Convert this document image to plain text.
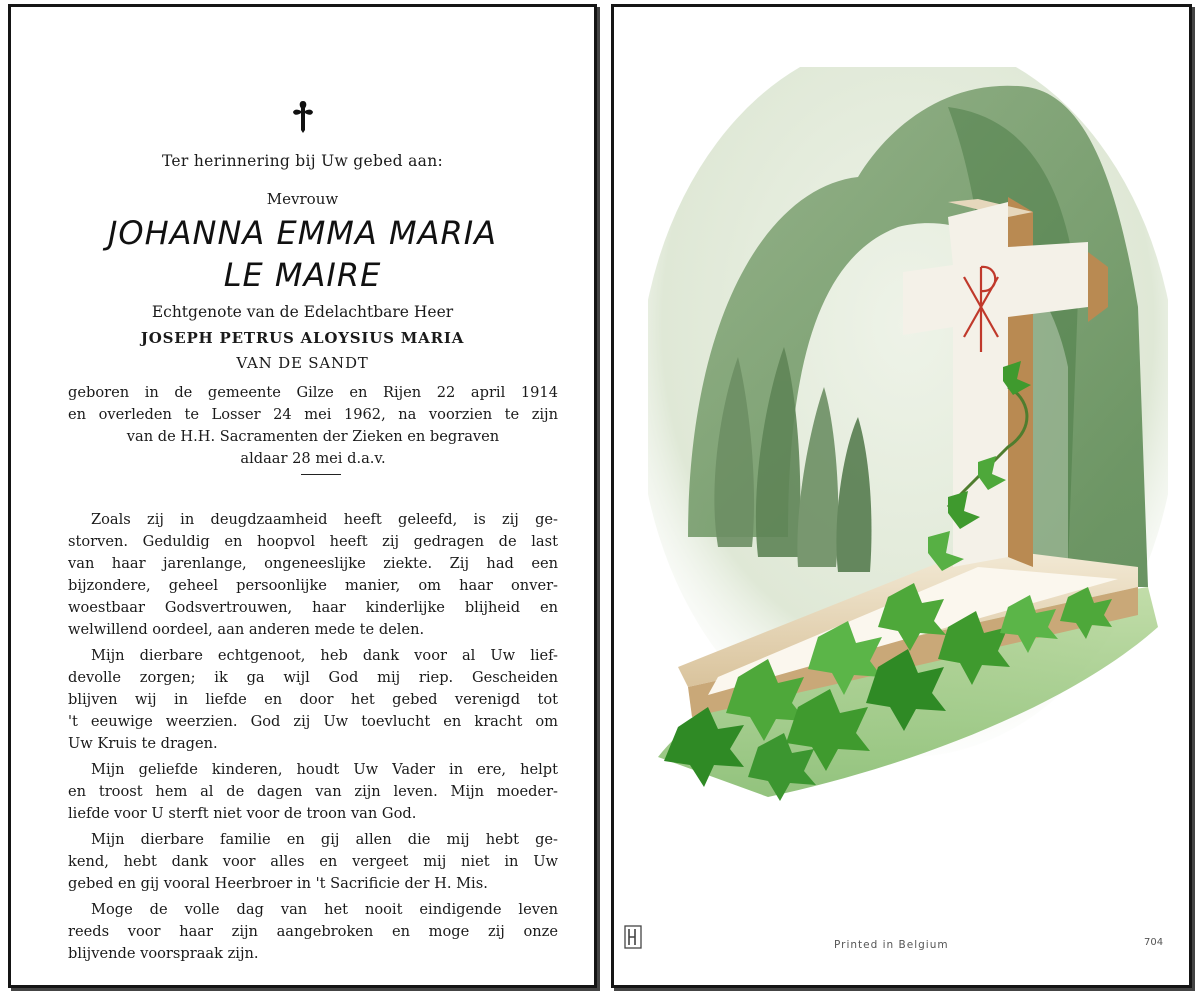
Ter herinnering bij Uw gebed aan:
Mevrouw
JOHANNA EMMA MARIA
LE MAIRE
Echtgenote van de Edelachtbare Heer
JOSEPH PETRUS ALOYSIUS MARIA
VAN DE SANDT
geboren in de gemeente Gilze en Rijen 22 april 1914
en overleden te Losser 24 mei 1962, na voorzien te zijn
van de H.H. Sacramenten der Zieken en begraven
aldaar 28 mei d.a.v.
Zoals zij in deugdzaamheid heeft geleefd, is zij ge-
storven. Geduldig en hoopvol heeft zij gedragen de last
van haar jarenlange, ongeneeslijke ziekte. Zij had een
bijzondere, geheel persoonlijke manier, om haar onver-
woestbaar Godsvertrouwen, haar kinderlijke blijheid en
welwillend oordeel, aan anderen mede te delen.
Mijn dierbare echtgenoot, heb dank voor al Uw lief-
devolle zorgen; ik ga wijl God mij riep. Gescheiden
blijven wij in liefde en door het gebed verenigd tot
't eeuwige weerzien. God zij Uw toevlucht en kracht om
Uw Kruis te dragen.
Mijn geliefde kinderen, houdt Uw Vader in ere, helpt
en troost hem al de dagen van zijn leven. Mijn moeder-
liefde voor U sterft niet voor de troon van God.
Mijn dierbare familie en gij allen die mij hebt ge-
kend, hebt dank voor alles en vergeet mij niet in Uw
gebed en gij vooral Heerbroer in 't Sacrificie der H. Mis.
Moge de volle dag van het nooit eindigende leven
reeds voor haar zijn aangebroken en moge zij onze
blijvende voorspraak zijn.	Printed in Belgium	704
